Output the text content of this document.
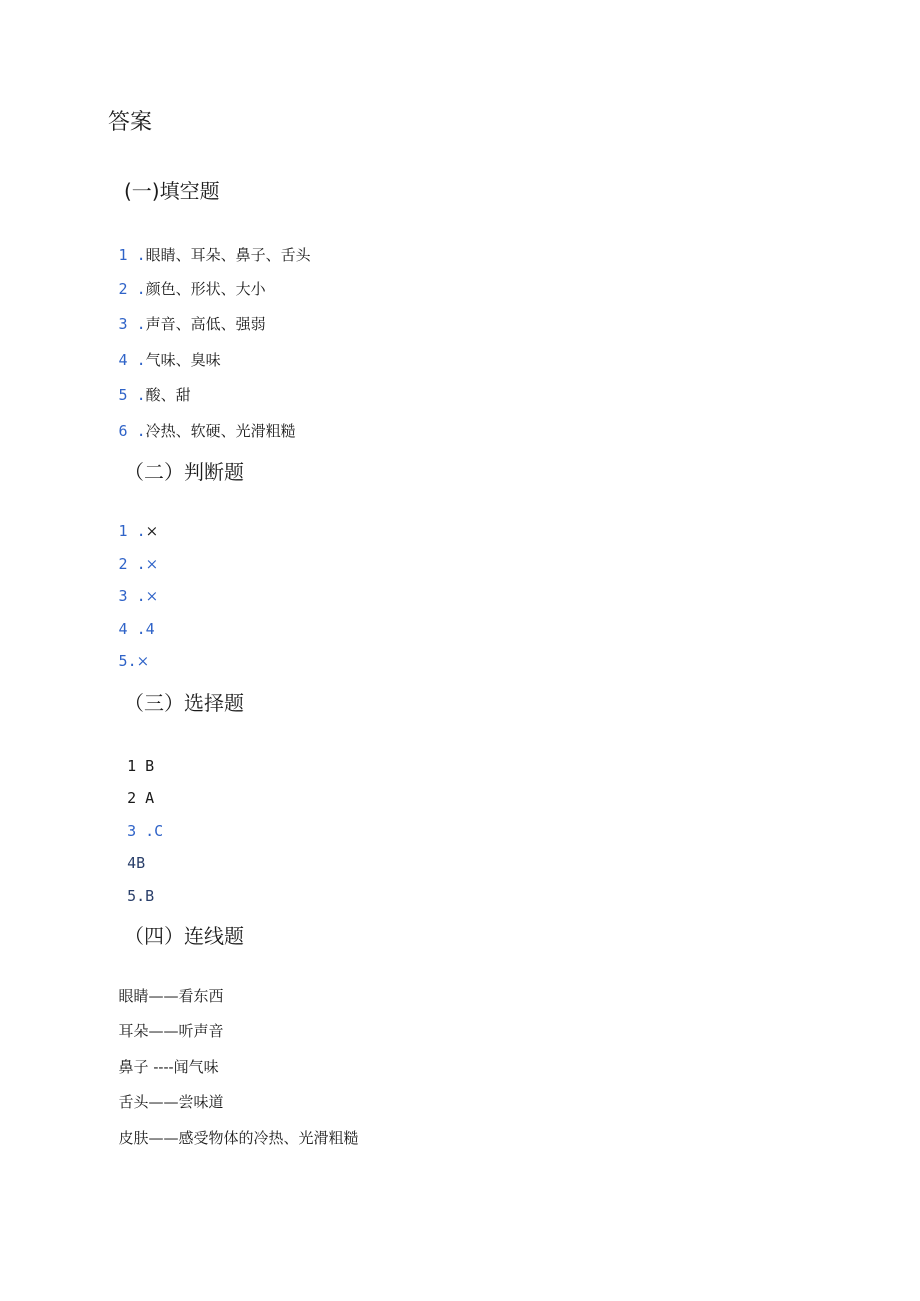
答案
(一)填空题

1 .眼睛、耳朵、鼻子、舌头

2 .颜色、形状、大小

3 .声音、高低、强弱

4 .气味、臭味

5 .酸、甜

6 .冷热、软硬、光滑粗糙

（二）判断题

1 .×

2 .×

3 .×

4 .4

5.×

（三）选择题

1 B

2 A

3 .C

4B

5.B

（四）连线题

眼睛——看东西

耳朵——听声音

鼻子 ----闻气味

舌头——尝味道

皮肤——感受物体的冷热、光滑粗糙
